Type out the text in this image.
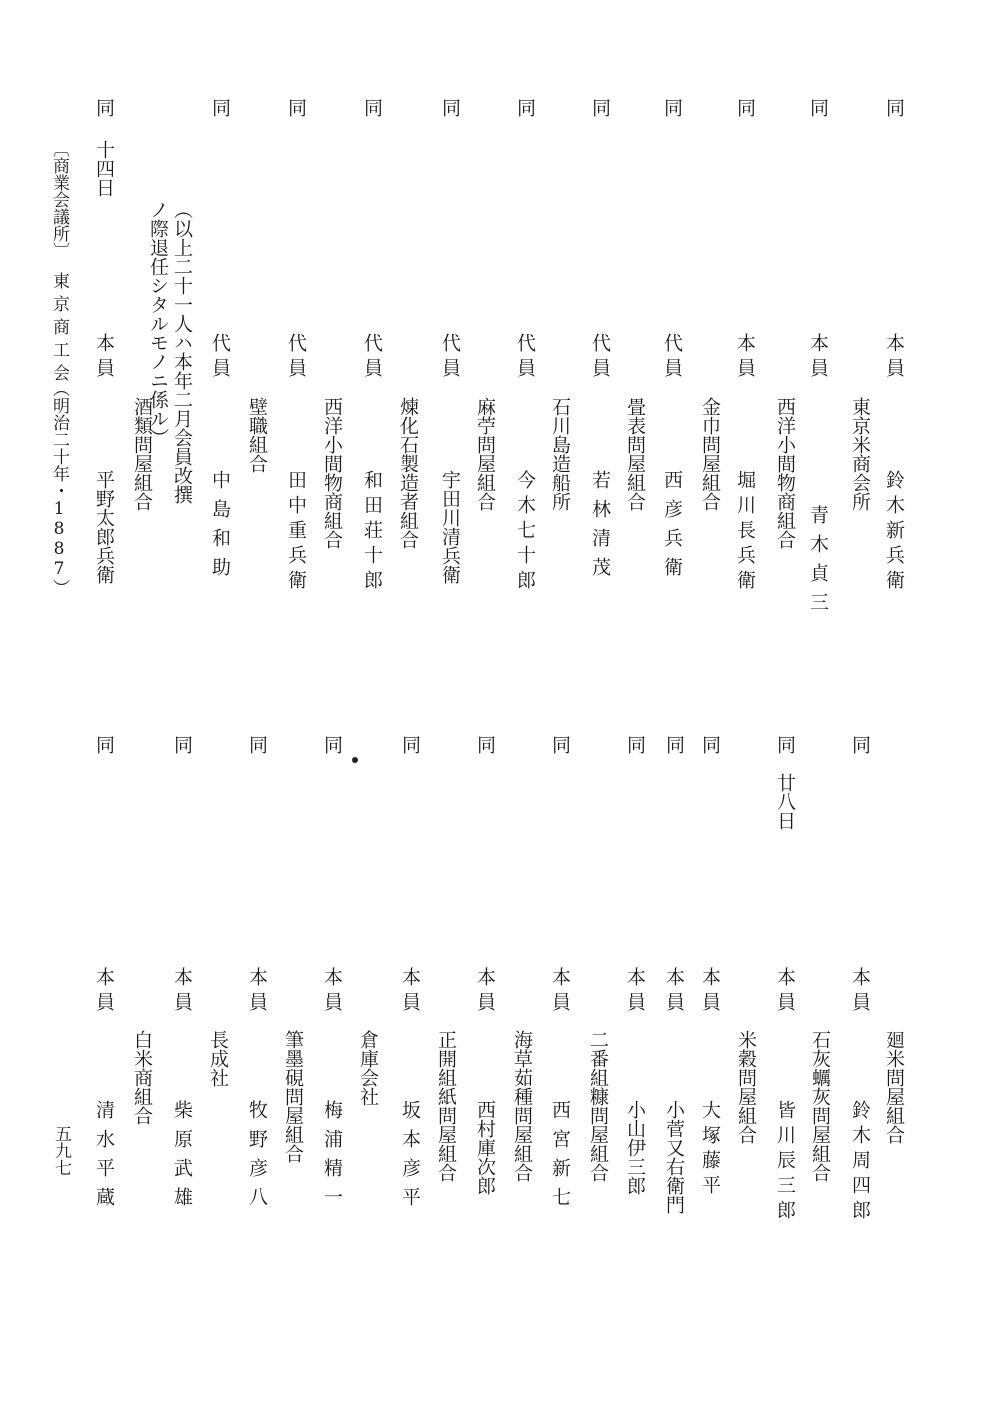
同
本員
東京米商会所
鈴木新兵衛
同
本員
西洋小間物商組合
青木貞三
同
本員
金巾問屋組合
堀川長兵衛
同
代員
畳表問屋組合
西彦兵衛
同
代員
若林清茂
同
代員
石川島造船所
今木七十郎
同
代員
麻苧問屋組合
宇田川清兵衛
同
代員
煉化石製造者組合
和田荘十郎
同
代員
西洋小間物商組合
田中重兵衛
同
代員
壁職組合
中島和助
（以上二十一人ハ本年二月会員改撰
ノ際退任シタルモノニ係ル）
同
十四日
本員
酒類問屋組合
平野太郎兵衛
〔商業会議所〕
東京商工会
（明治二十年・1887）
同
本員
廻米問屋組合
鈴木周四郎
同
廿八日
本員
石灰蠣灰問屋組合
皆川辰三郎
同
本員
米穀問屋組合
大塚藤平
同
本員
小菅又右衛門
同
本員
小山伊三郎
同
本員
二番組糠問屋組合
西宮新七
同
本員
海草茹種問屋組合
西村庫次郎
同
本員
正開組紙問屋組合
坂本彦平
同
本員
倉庫会社
梅浦精一
同
本員
筆墨硯問屋組合
牧野彦八
同
本員
長成社
柴原武雄
同
本員
白米商組合
清水平蔵
五九七
